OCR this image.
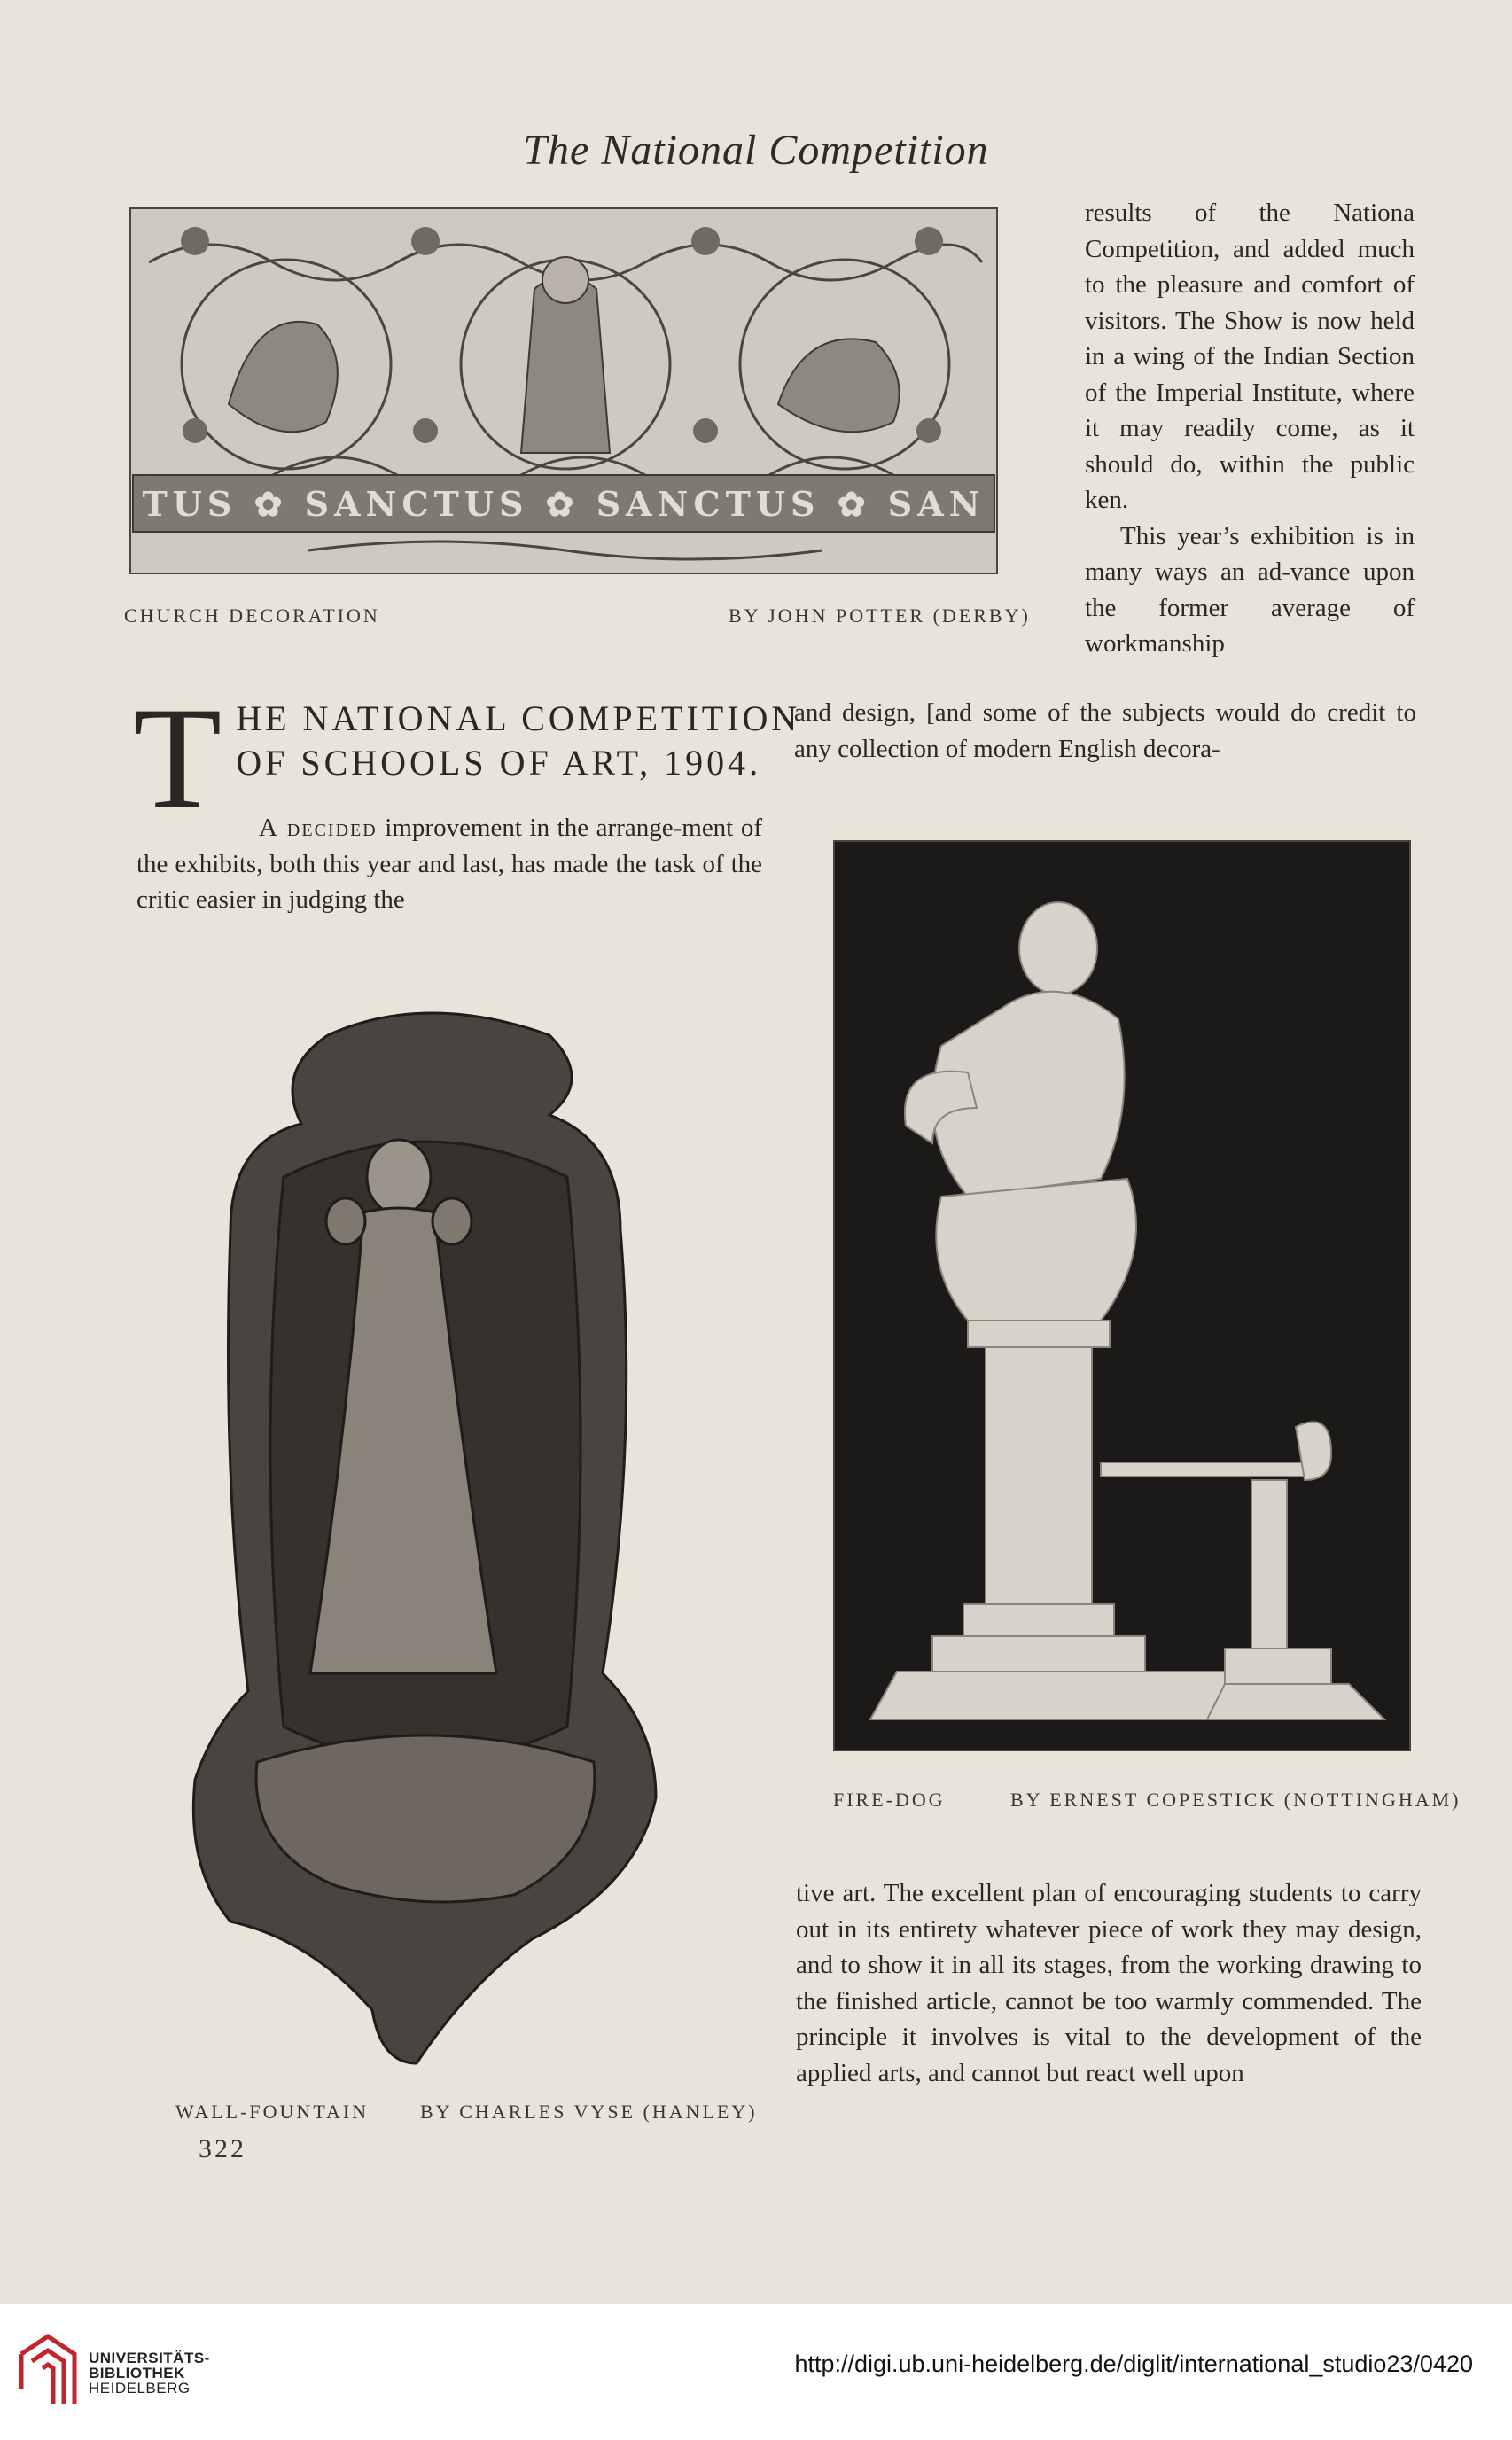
The National Competition
TUS ✿ SANCTUS ✿ SANCTUS ✿ SAN
CHURCH DECORATION	BY JOHN POTTER (DERBY)

results of the Nationa Competition, and added much to the pleasure and comfort of visitors. The Show is now held in a wing of the Indian Section of the Imperial Institute, where it may readily come, as it should do, within the public ken.

This year’s exhibition is in many ways an ad-vance upon the former average of workmanship

T HE NATIONAL COMPETITION
OF SCHOOLS OF ART, 1904.

A decided improvement in the arrange-ment of the exhibits, both this year and last, has made the task of the critic easier in judging the

and design, [and some of the subjects would do credit to any collection of modern English decora-

FIRE-DOG	BY ERNEST COPESTICK (NOTTINGHAM)

tive art. The excellent plan of encouraging students to carry out in its entirety whatever piece of work they may design, and to show it in all its stages, from the working drawing to the finished article, cannot be too warmly commended. The principle it involves is vital to the development of the applied arts, and cannot but react well upon

WALL-FOUNTAIN	BY CHARLES VYSE (HANLEY)
322
UNIVERSITÄTS-
BIBLIOTHEK
HEIDELBERG
http://digi.ub.uni-heidelberg.de/diglit/international_studio23/0420
